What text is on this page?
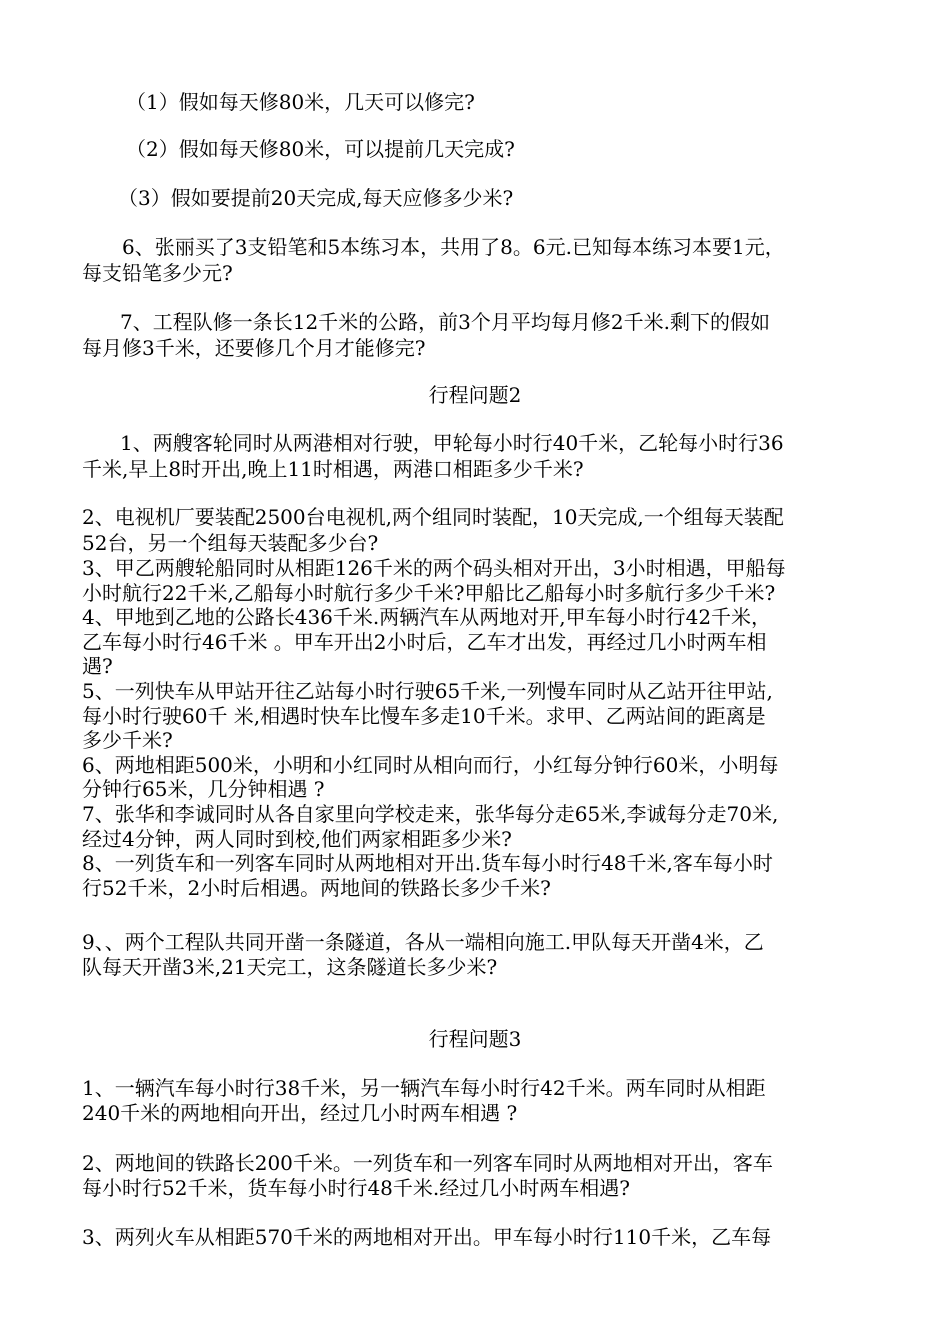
（1）假如每天修80米，几天可以修完?
（2）假如每天修80米，可以提前几天完成?
（3）假如要提前20天完成,每天应修多少米?
6、张丽买了3支铅笔和5本练习本，共用了8。6元.已知每本练习本要1元，
每支铅笔多少元?
7、工程队修一条长12千米的公路，前3个月平均每月修2千米.剩下的假如
每月修3千米，还要修几个月才能修完?
行程问题2
1、两艘客轮同时从两港相对行驶，甲轮每小时行40千米，乙轮每小时行36
千米,早上8时开出,晚上11时相遇，两港口相距多少千米?
2、电视机厂要装配2500台电视机,两个组同时装配，10天完成,一个组每天装配
52台，另一个组每天装配多少台?
3、甲乙两艘轮船同时从相距126千米的两个码头相对开出，3小时相遇，甲船每
小时航行22千米,乙船每小时航行多少千米?甲船比乙船每小时多航行多少千米?
4、甲地到乙地的公路长436千米.两辆汽车从两地对开,甲车每小时行42千米，
乙车每小时行46千米 。甲车开出2小时后，乙车才出发，再经过几小时两车相
遇?
5、一列快车从甲站开往乙站每小时行驶65千米,一列慢车同时从乙站开往甲站,
每小时行驶60千 米,相遇时快车比慢车多走10千米。求甲、乙两站间的距离是
多少千米?
6、两地相距500米，小明和小红同时从相向而行，小红每分钟行60米，小明每
分钟行65米，几分钟相遇 ?
7、张华和李诚同时从各自家里向学校走来，张华每分走65米,李诚每分走70米,
经过4分钟，两人同时到校,他们两家相距多少米?
8、一列货车和一列客车同时从两地相对开出.货车每小时行48千米,客车每小时
行52千米，2小时后相遇。两地间的铁路长多少千米?
9、、两个工程队共同开凿一条隧道，各从一端相向施工.甲队每天开凿4米，乙
队每天开凿3米,21天完工，这条隧道长多少米?
行程问题3
1、一辆汽车每小时行38千米，另一辆汽车每小时行42千米。两车同时从相距
240千米的两地相向开出，经过几小时两车相遇 ?
2、两地间的铁路长200千米。一列货车和一列客车同时从两地相对开出，客车
每小时行52千米，货车每小时行48千米.经过几小时两车相遇?
3、两列火车从相距570千米的两地相对开出。甲车每小时行110千米，乙车每
